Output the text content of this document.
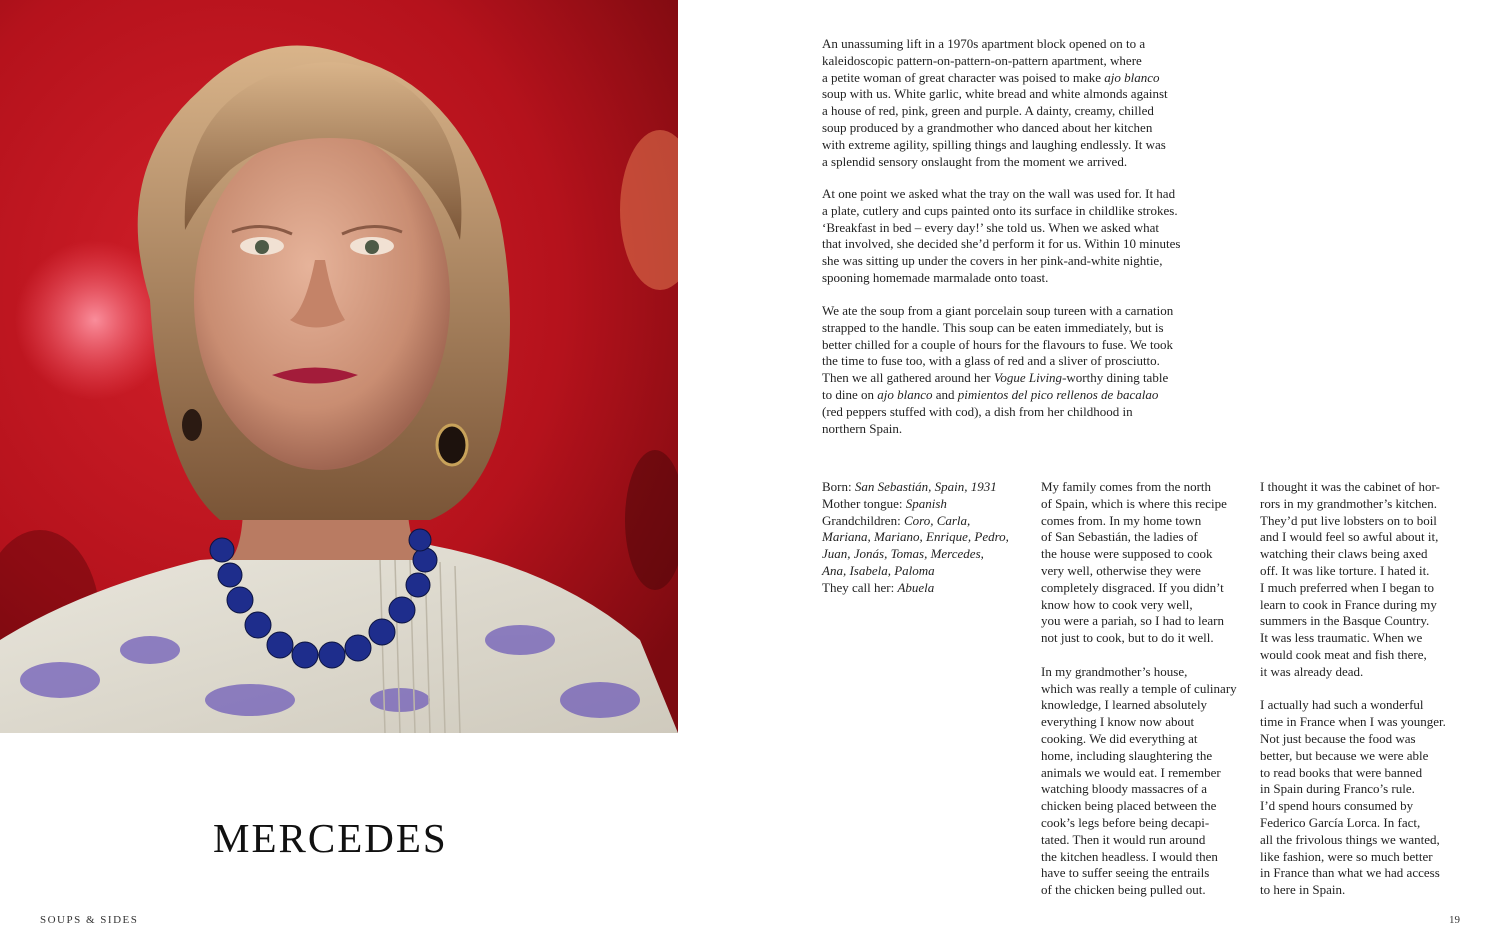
MERCEDES
SOUPS & SIDES	19

An unassuming lift in a 1970s apartment block opened on to a
kaleidoscopic pattern-on-pattern-on-pattern apartment, where
a petite woman of great character was poised to make ajo blanco
soup with us. White garlic, white bread and white almonds against
a house of red, pink, green and purple. A dainty, creamy, chilled
soup produced by a grandmother who danced about her kitchen
with extreme agility, spilling things and laughing endlessly. It was
a splendid sensory onslaught from the moment we arrived.

At one point we asked what the tray on the wall was used for. It had
a plate, cutlery and cups painted onto its surface in childlike strokes.
‘Breakfast in bed – every day!’ she told us. When we asked what
that involved, she decided she’d perform it for us. Within 10 minutes
she was sitting up under the covers in her pink-and-white nightie,
spooning homemade marmalade onto toast.

We ate the soup from a giant porcelain soup tureen with a carnation
strapped to the handle. This soup can be eaten immediately, but is
better chilled for a couple of hours for the flavours to fuse. We took
the time to fuse too, with a glass of red and a sliver of prosciutto.
Then we all gathered around her Vogue Living-worthy dining table
to dine on ajo blanco and pimientos del pico rellenos de bacalao
(red peppers stuffed with cod), a dish from her childhood in
northern Spain.

Born: San Sebastián, Spain, 1931
Mother tongue: Spanish
Grandchildren: Coro, Carla,
Mariana, Mariano, Enrique, Pedro,
Juan, Jonás, Tomas, Mercedes,
Ana, Isabela, Paloma
They call her: Abuela

My family comes from the north
of Spain, which is where this recipe
comes from. In my home town
of San Sebastián, the ladies of
the house were supposed to cook
very well, otherwise they were
completely disgraced. If you didn’t
know how to cook very well,
you were a pariah, so I had to learn
not just to cook, but to do it well.

In my grandmother’s house,
which was really a temple of culinary
knowledge, I learned absolutely
everything I know now about
cooking. We did everything at
home, including slaughtering the
animals we would eat. I remember
watching bloody massacres of a
chicken being placed between the
cook’s legs before being decapi-
tated. Then it would run around
the kitchen headless. I would then
have to suffer seeing the entrails
of the chicken being pulled out.

I thought it was the cabinet of hor-
rors in my grandmother’s kitchen.
They’d put live lobsters on to boil
and I would feel so awful about it,
watching their claws being axed
off. It was like torture. I hated it.
I much preferred when I began to
learn to cook in France during my
summers in the Basque Country.
It was less traumatic. When we
would cook meat and fish there,
it was already dead.

I actually had such a wonderful
time in France when I was younger.
Not just because the food was
better, but because we were able
to read books that were banned
in Spain during Franco’s rule.
I’d spend hours consumed by
Federico García Lorca. In fact,
all the frivolous things we wanted,
like fashion, were so much better
in France than what we had access
to here in Spain.
